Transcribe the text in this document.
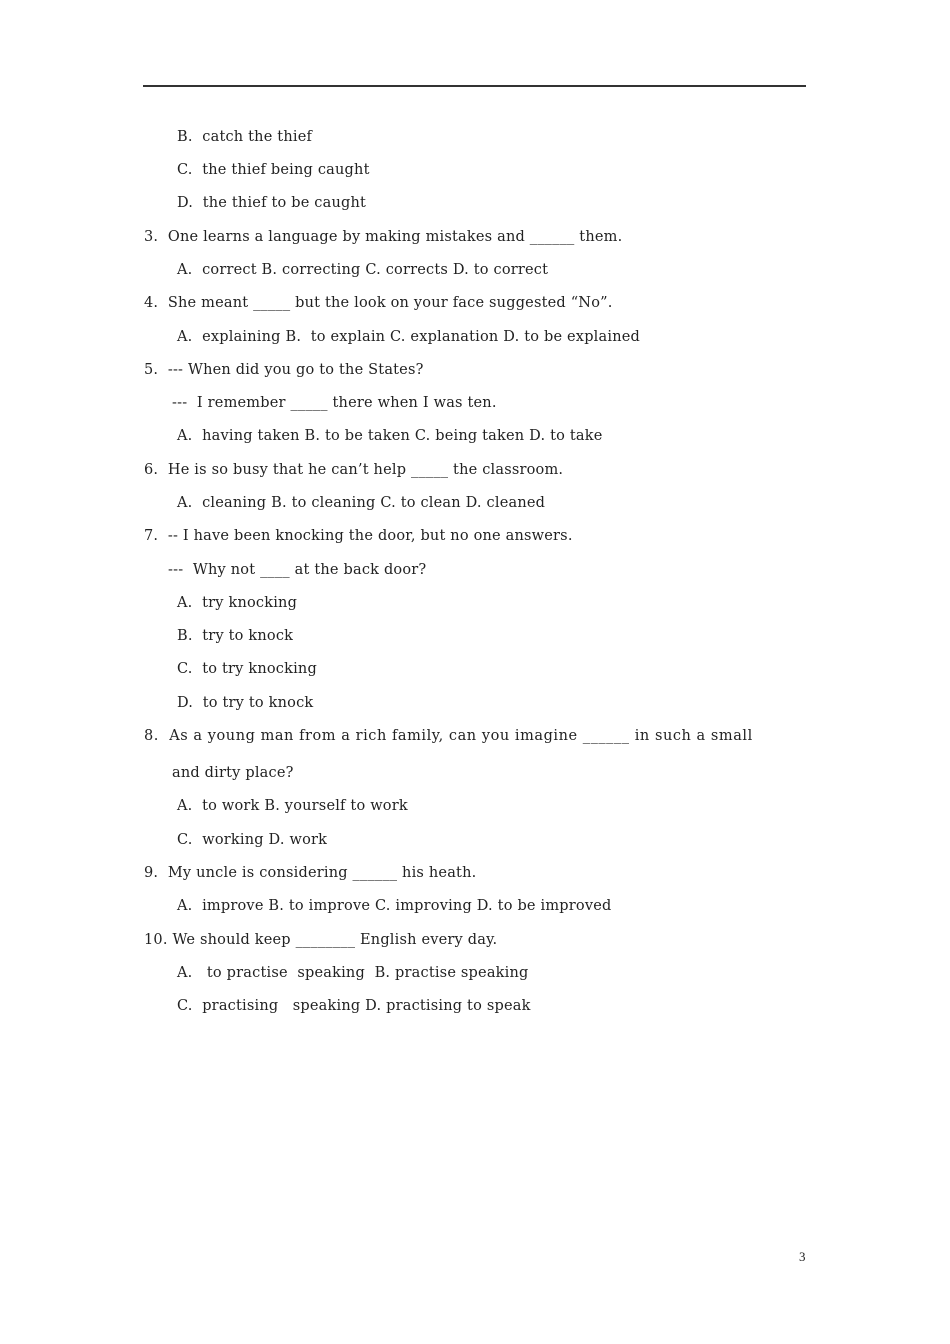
B.  catch the thief
C.  the thief being caught
D.  the thief to be caught
3.  One learns a language by making mistakes and ______ them.
A.  correct B. correcting C. corrects D. to correct
4.  She meant _____ but the look on your face suggested “No”.
A.  explaining B.  to explain C. explanation D. to be explained
5.  --- When did you go to the States?
---  I remember _____ there when I was ten.
A.  having taken B. to be taken C. being taken D. to take
6.  He is so busy that he can’t help _____ the classroom.
A.  cleaning B. to cleaning C. to clean D. cleaned
7.  -- I have been knocking the door, but no one answers.
---  Why not ____ at the back door?
A.  try knocking
B.  try to knock
C.  to try knocking
D.  to try to knock
8.  As a young man from a rich family, can you imagine ______ in such a small
and dirty place?
A.  to work B. yourself to work
C.  working D. work
9.  My uncle is considering ______ his heath.
A.  improve B. to improve C. improving D. to be improved
10. We should keep ________ English every day.
A.   to practise  speaking  B. practise speaking
C.  practising   speaking D. practising to speak
3
